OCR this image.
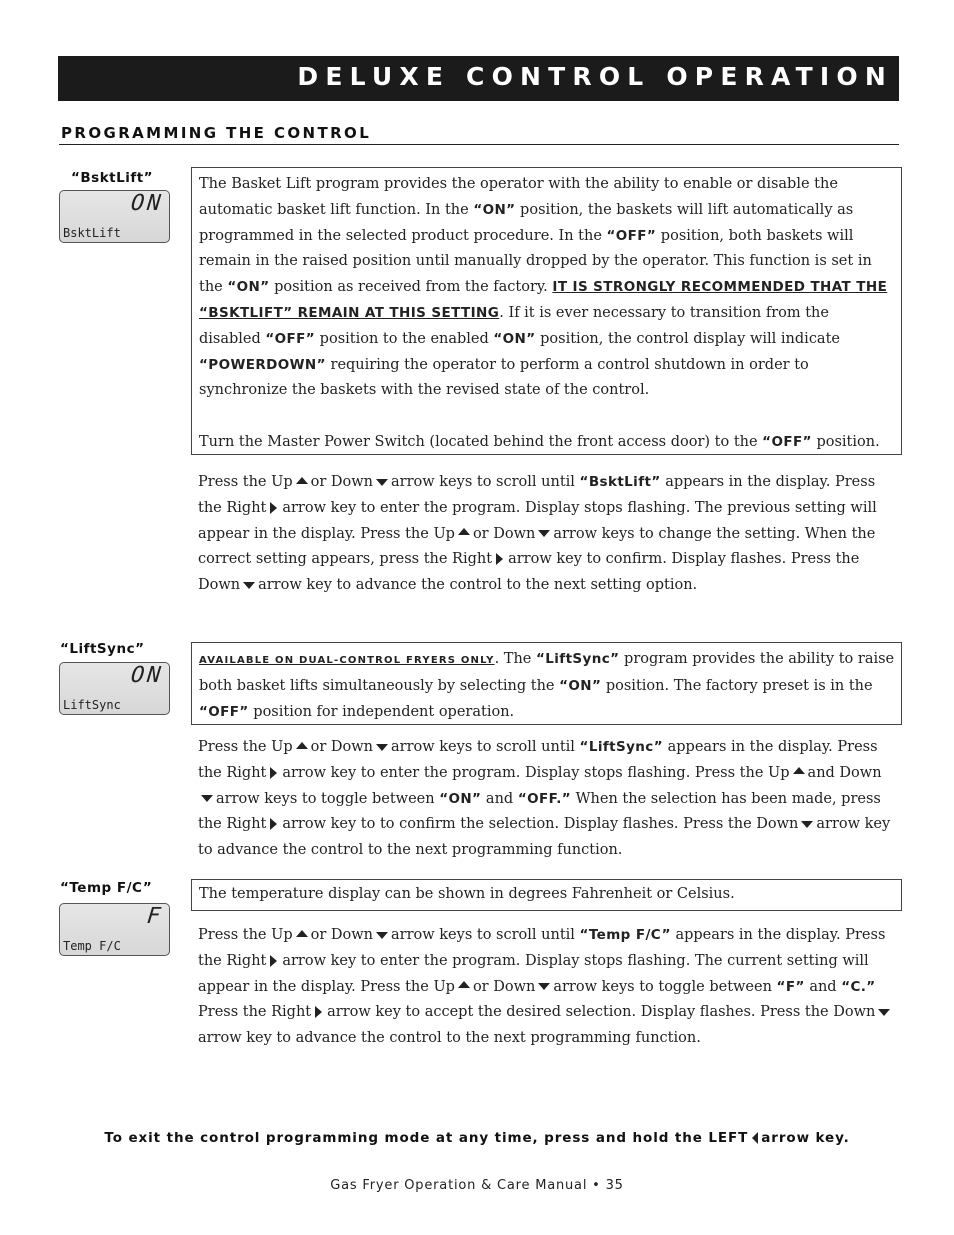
DELUXE CONTROL OPERATION
PROGRAMMING THE CONTROL
“BsktLift”
ON
BsktLift

The Basket Lift program provides the operator with the ability to enable or disable the automatic basket lift function. In the “ON” position, the baskets will lift automatically as programmed in the selected product procedure. In the “OFF” position, both baskets will remain in the raised position until manually dropped by the operator. This function is set in the “ON” position as received from the factory. IT IS STRONGLY RECOMMENDED THAT THE “BSKTLIFT” REMAIN AT THIS SETTING. If it is ever necessary to transition from the disabled “OFF” position to the enabled “ON” position, the control display will indicate “POWERDOWN” requiring the operator to perform a control shutdown in order to synchronize the baskets with the revised state of the control.

Turn the Master Power Switch (located behind the front access door) to the “OFF” position.

Press the Up or Down arrow keys to scroll until “BsktLift” appears in the display. Press the Right arrow key to enter the program. Display stops flashing. The previous setting will appear in the display. Press the Up or Down arrow keys to change the setting. When the correct setting appears, press the Right arrow key to confirm. Display flashes. Press the Down arrow key to advance the control to the next setting option.

“LiftSync”
ON
LiftSync

AVAILABLE ON DUAL-CONTROL FRYERS ONLY. The “LiftSync” program provides the ability to raise both basket lifts simultaneously by selecting the “ON” position. The factory preset is in the “OFF” position for independent operation.

Press the Up or Down arrow keys to scroll until “LiftSync” appears in the display. Press the Right arrow key to enter the program. Display stops flashing. Press the Up and Downarrow keys to toggle between “ON” and “OFF.” When the selection has been made, press the Right arrow key to to confirm the selection. Display flashes. Press the Down arrow key to advance the control to the next programming function.

“Temp F/C”
F
Temp F/C

The temperature display can be shown in degrees Fahrenheit or Celsius.

Press the Up or Down arrow keys to scroll until “Temp F/C” appears in the display. Press the Right arrow key to enter the program. Display stops flashing. The current setting will appear in the display. Press the Up or Down arrow keys to toggle between “F” and “C.” Press the Right arrow key to accept the desired selection. Display flashes. Press the Downarrow key to advance the control to the next programming function.

To exit the control programming mode at any time, press and hold the LEFT arrow key.
Gas Fryer Operation & Care Manual • 35
